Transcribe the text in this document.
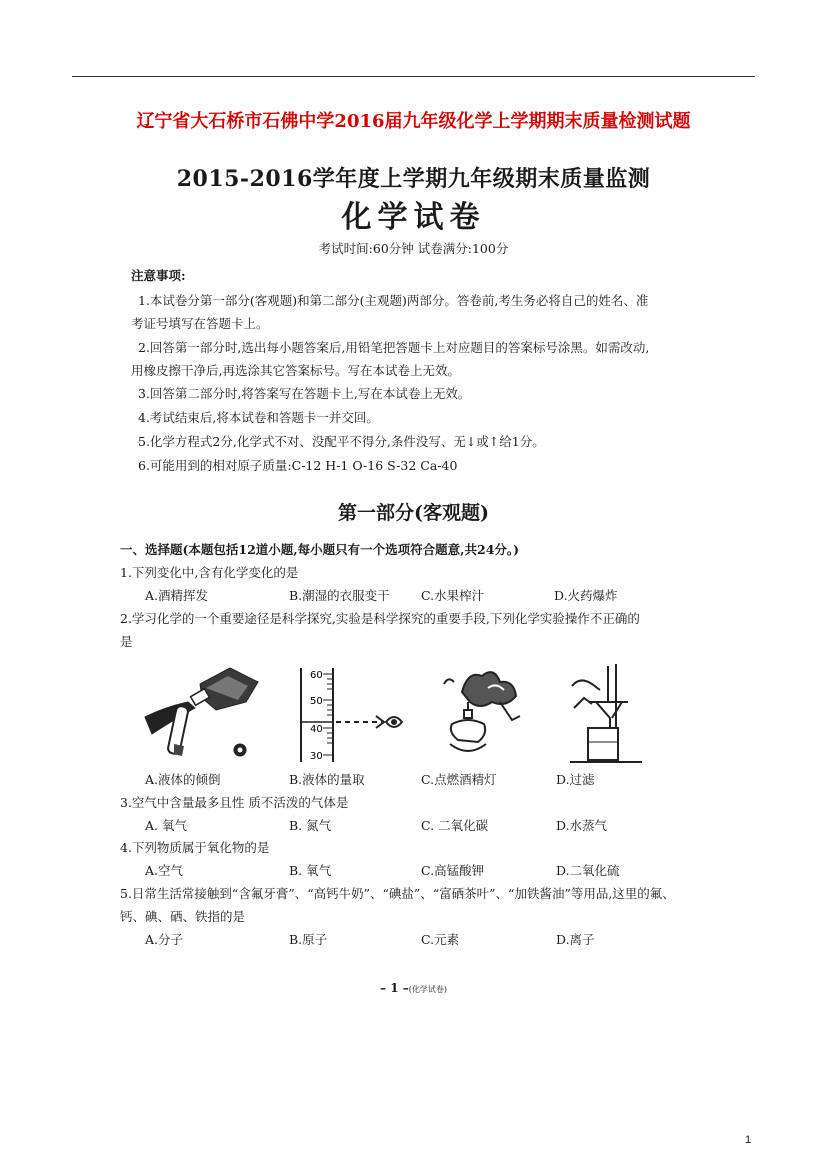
辽宁省大石桥市石佛中学2016届九年级化学上学期期末质量检测试题
2015-2016学年度上学期九年级期末质量监测
化学试卷
考试时间:60分钟 试卷满分:100分
注意事项:
1.本试卷分第一部分(客观题)和第二部分(主观题)两部分。答卷前,考生务必将自己的姓名、准
考证号填写在答题卡上。
2.回答第一部分时,选出每小题答案后,用铅笔把答题卡上对应题目的答案标号涂黑。如需改动,
用橡皮擦干净后,再选涂其它答案标号。写在本试卷上无效。
3.回答第二部分时,将答案写在答题卡上,写在本试卷上无效。
4.考试结束后,将本试卷和答题卡一并交回。
5.化学方程式2分,化学式不对、没配平不得分,条件没写、无↓或↑给1分。
6.可能用到的相对原子质量:C-12 H-1 O-16 S-32 Ca-40
第一部分(客观题)
一、选择题(本题包括12道小题,每小题只有一个选项符合题意,共24分。)
1.下列变化中,含有化学变化的是
A.酒精挥发	B.潮湿的衣服变干	C.水果榨汁	D.火药爆炸
2.学习化学的一个重要途径是科学探究,实验是科学探究的重要手段,下列化学实验操作不正确的
是
60
50
40
30
A.液体的倾倒	B.液体的量取	C.点燃酒精灯	D.过滤
3.空气中含量最多且性 质不活泼的气体是
A. 氧气	B. 氮气	C. 二氧化碳	D.水蒸气
4.下列物质属于氧化物的是
A.空气	B. 氧气	C.高锰酸钾	D.二氧化硫
5.日常生活常接触到“含氟牙膏”、“高钙牛奶”、“碘盐”、“富硒茶叶”、“加铁酱油”等用品,这里的氟、
钙、碘、硒、铁指的是
A.分子	B.原子	C.元素	D.离子
– 1 –(化学试卷)
1
